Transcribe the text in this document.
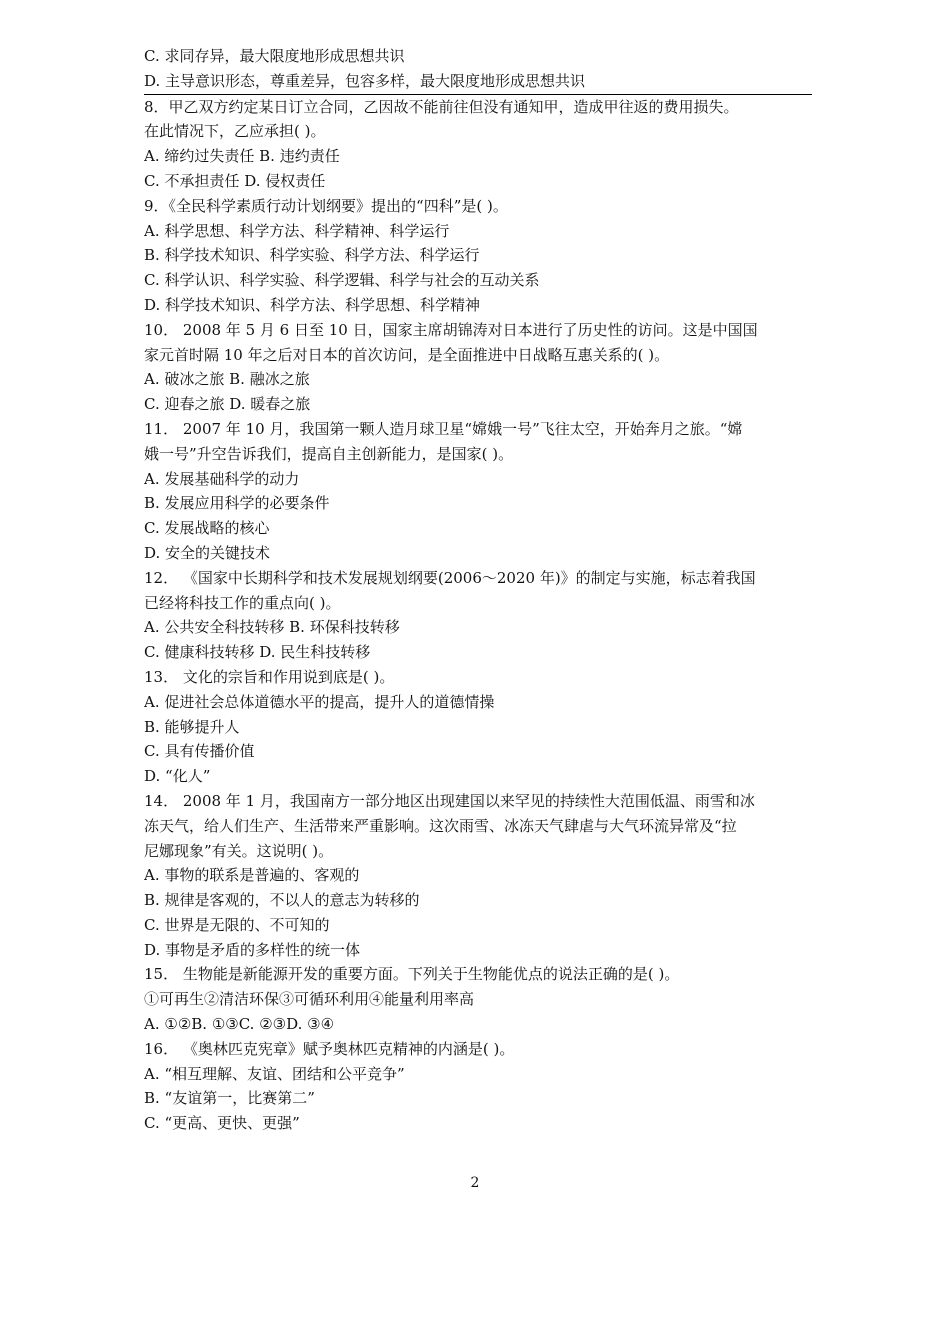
C. 求同存异，最大限度地形成思想共识
D. 主导意识形态，尊重差异，包容多样，最大限度地形成思想共识
8．甲乙双方约定某日订立合同，乙因故不能前往但没有通知甲，造成甲往返的费用损失。
在此情况下，乙应承担( )。
A. 缔约过失责任 B. 违约责任
C. 不承担责任 D. 侵权责任
9．《全民科学素质行动计划纲要》提出的“四科”是( )。
A. 科学思想、科学方法、科学精神、科学运行
B. 科学技术知识、科学实验、科学方法、科学运行
C. 科学认识、科学实验、科学逻辑、科学与社会的互动关系
D. 科学技术知识、科学方法、科学思想、科学精神
10． 2008 年 5 月 6 日至 10 日，国家主席胡锦涛对日本进行了历史性的访问。这是中国国
家元首时隔 10 年之后对日本的首次访问，是全面推进中日战略互惠关系的( )。
A. 破冰之旅 B. 融冰之旅
C. 迎春之旅 D. 暖春之旅
11． 2007 年 10 月，我国第一颗人造月球卫星“嫦娥一号”飞往太空，开始奔月之旅。“嫦
娥一号”升空告诉我们，提高自主创新能力，是国家( )。
A. 发展基础科学的动力
B. 发展应用科学的必要条件
C. 发展战略的核心
D. 安全的关键技术
12． 《国家中长期科学和技术发展规划纲要(2006～2020 年)》的制定与实施，标志着我国
已经将科技工作的重点向( )。
A. 公共安全科技转移 B. 环保科技转移
C. 健康科技转移 D. 民生科技转移
13． 文化的宗旨和作用说到底是( )。
A. 促进社会总体道德水平的提高，提升人的道德情操
B. 能够提升人
C. 具有传播价值
D. “化人”
14． 2008 年 1 月，我国南方一部分地区出现建国以来罕见的持续性大范围低温、雨雪和冰
冻天气，给人们生产、生活带来严重影响。这次雨雪、冰冻天气肆虐与大气环流异常及“拉
尼娜现象”有关。这说明( )。
A. 事物的联系是普遍的、客观的
B. 规律是客观的，不以人的意志为转移的
C. 世界是无限的、不可知的
D. 事物是矛盾的多样性的统一体
15． 生物能是新能源开发的重要方面。下列关于生物能优点的说法正确的是( )。
①可再生②清洁环保③可循环利用④能量利用率高
A. ①②B. ①③C. ②③D. ③④
16． 《奥林匹克宪章》赋予奥林匹克精神的内涵是( )。
A. “相互理解、友谊、团结和公平竞争”
B. “友谊第一，比赛第二”
C. “更高、更快、更强”
2
